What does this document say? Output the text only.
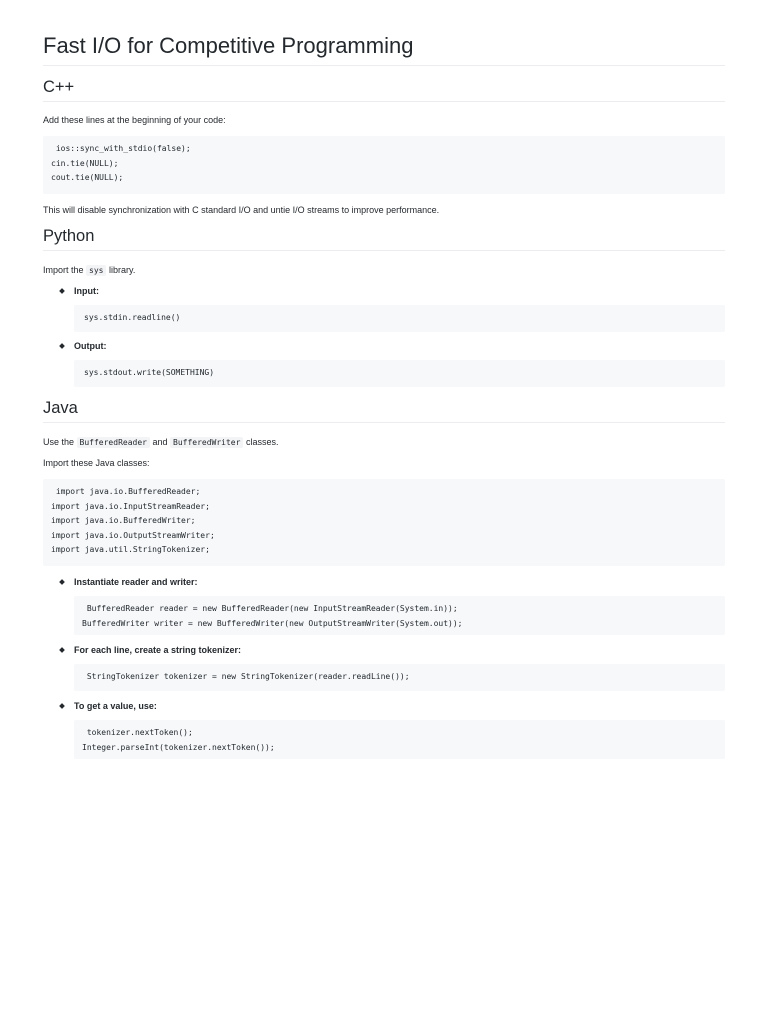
Fast I/O for Competitive Programming
C++

Add these lines at the beginning of your code:

ios::sync_with_stdio(false);
cin.tie(NULL);
cout.tie(NULL);

This will disable synchronization with C standard I/O and untie I/O streams to improve performance.

Python

Import the sys library.

Input:
sys.stdin.readline()
Output:
sys.stdout.write(SOMETHING)
Java

Use the BufferedReader and BufferedWriter classes.

Import these Java classes:

import java.io.BufferedReader;
import java.io.InputStreamReader;
import java.io.BufferedWriter;
import java.io.OutputStreamWriter;
import java.util.StringTokenizer;
Instantiate reader and writer:
BufferedReader reader = new BufferedReader(new InputStreamReader(System.in));
BufferedWriter writer = new BufferedWriter(new OutputStreamWriter(System.out));
For each line, create a string tokenizer:
StringTokenizer tokenizer = new StringTokenizer(reader.readLine());
To get a value, use:
tokenizer.nextToken();
Integer.parseInt(tokenizer.nextToken());
